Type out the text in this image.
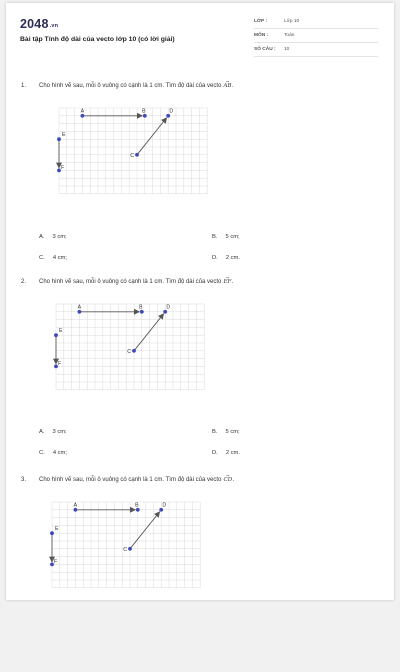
2048.vn
Bài tập Tính độ dài của vecto lớp 10 (có lời giải)
LỚP :	Lớp 10
MÔN :	Toán
SỐ CÂU : 10
1. Cho hình vẽ sau, mỗi ô vuông có cạnh là 1 cm. Tìm độ dài của vecto → AB.
A	B	D
E
F
C
A. 3 cm;	B. 5 cm;
C. 4 cm;	D. 2 cm.
2. Cho hình vẽ sau, mỗi ô vuông có cạnh là 1 cm. Tìm độ dài của vecto → EF.
A	B	D
E
F
C
A. 3 cm;	B. 5 cm;
C. 4 cm;	D. 2 cm.
3. Cho hình vẽ sau, mỗi ô vuông có cạnh là 1 cm. Tìm độ dài của vecto → CD.
A	B	D
E
F
C
